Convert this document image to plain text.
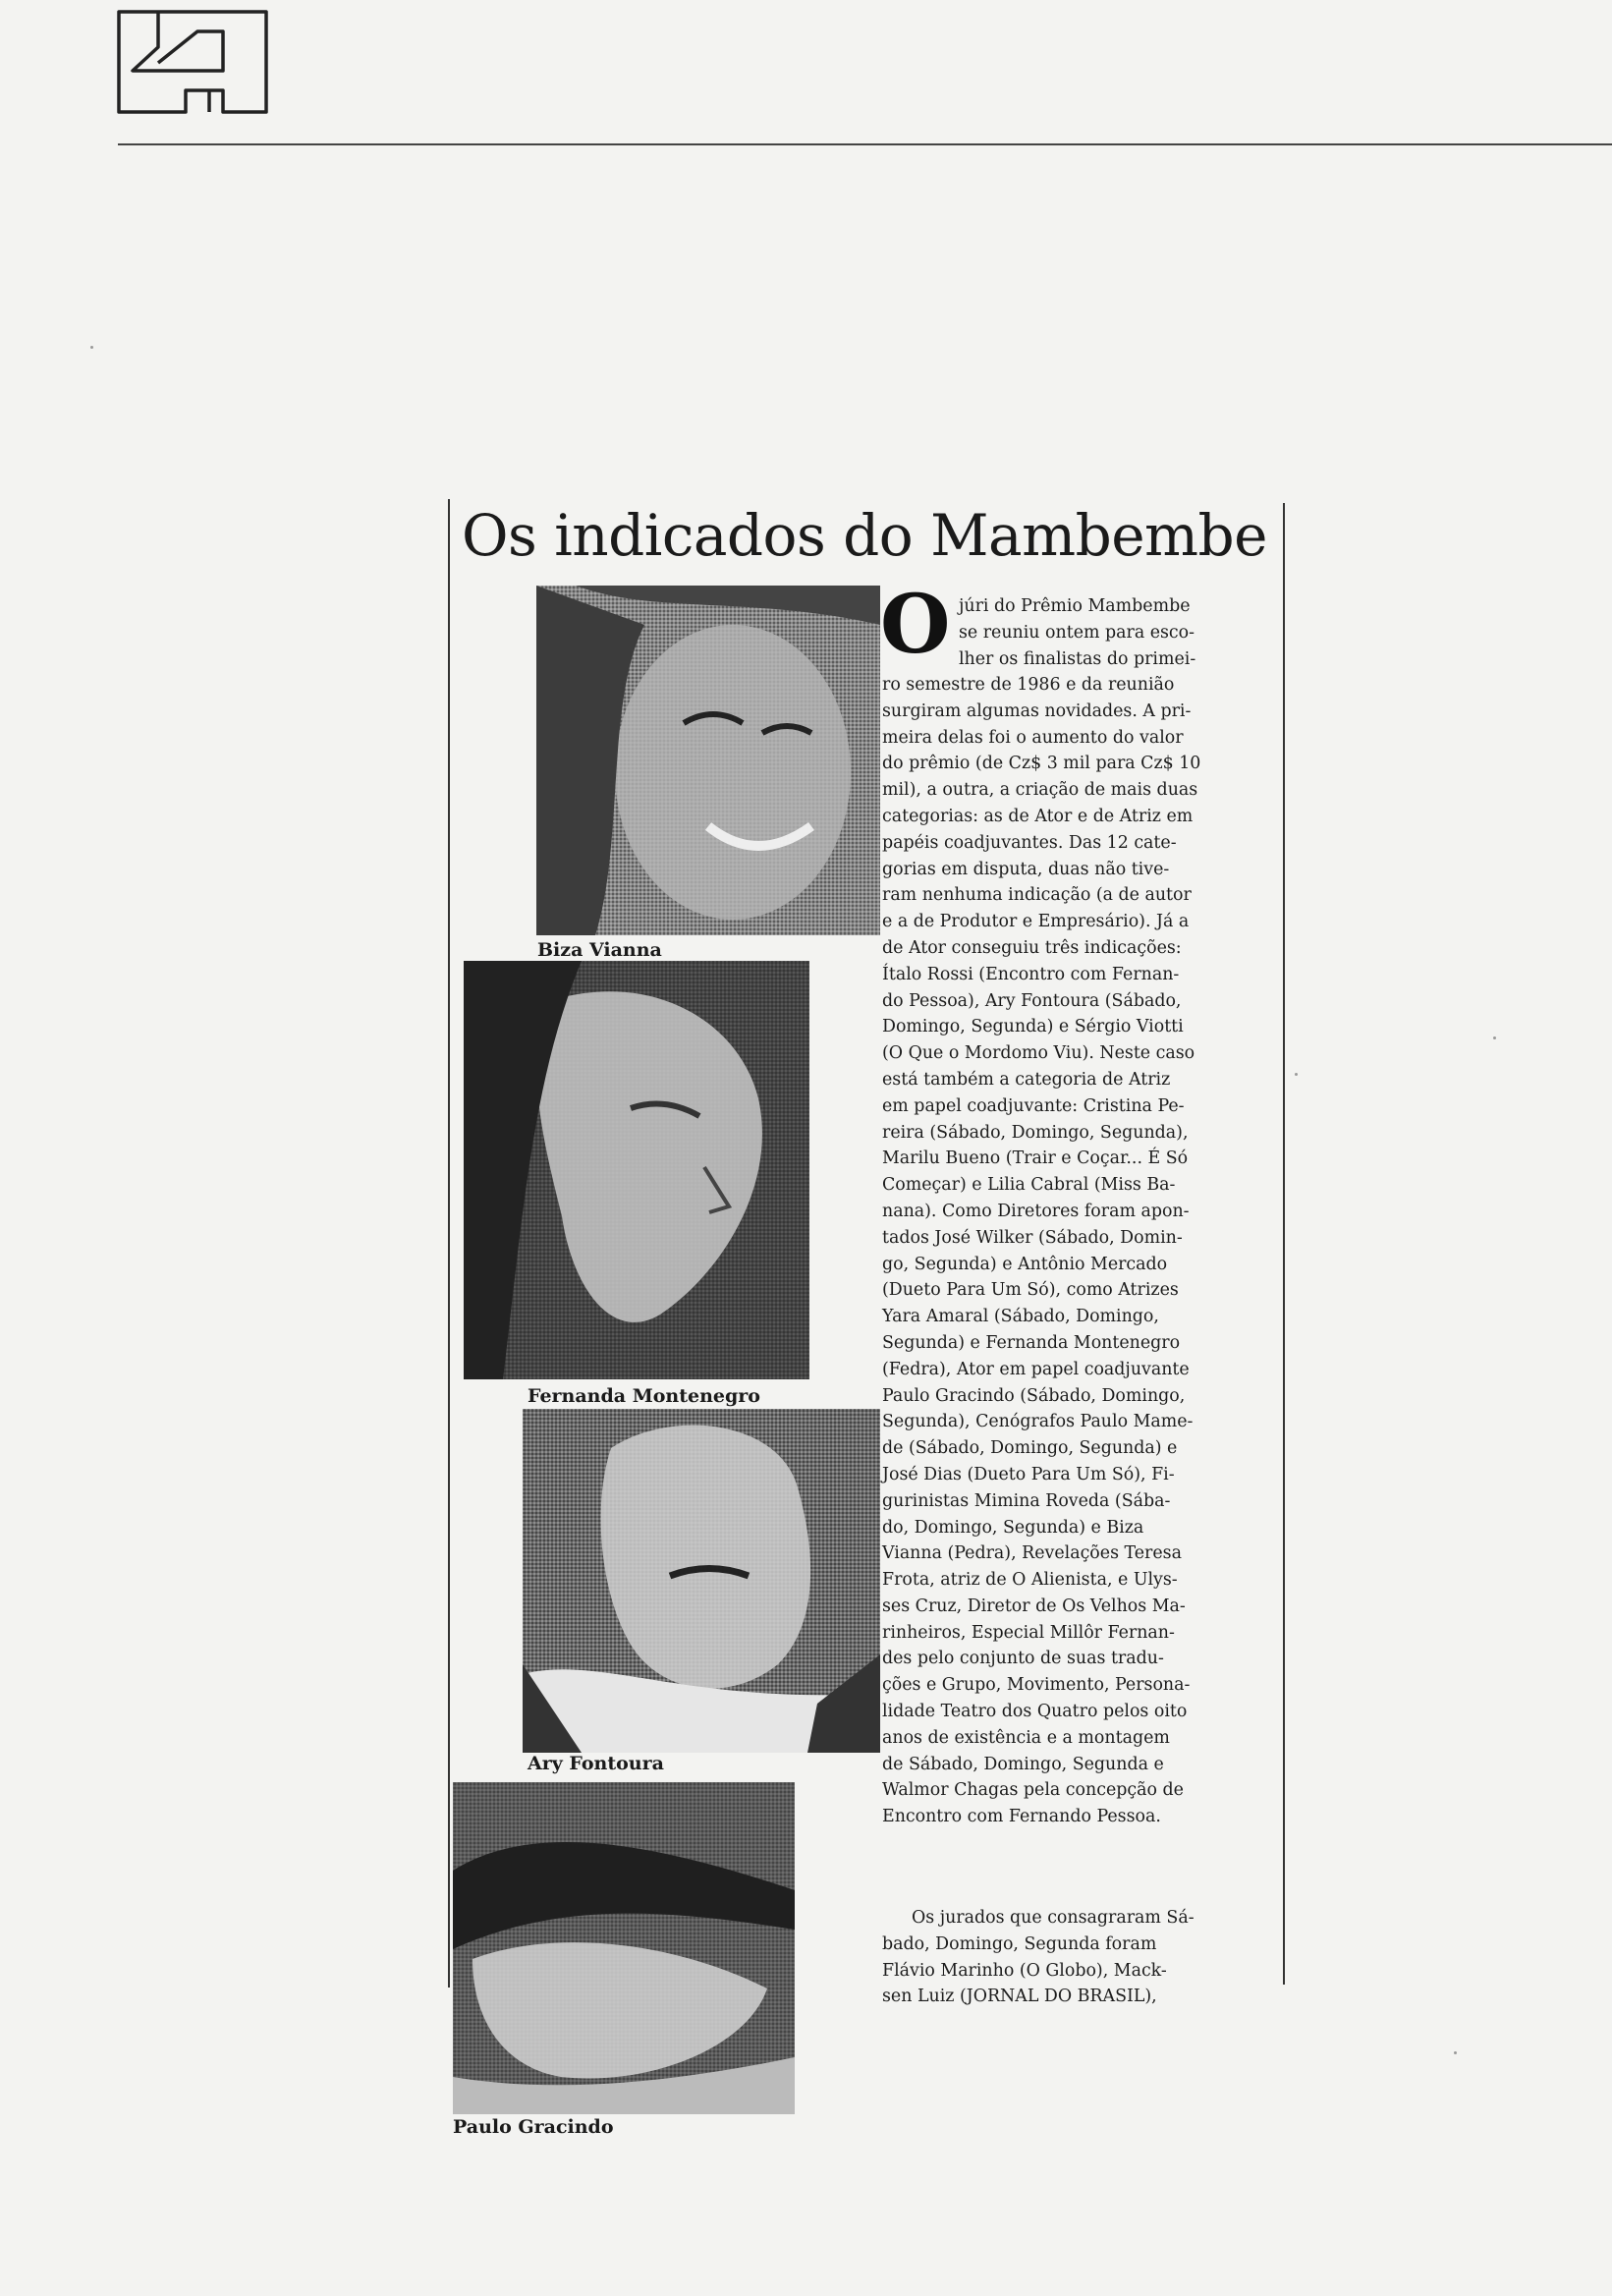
Os indicados do Mambembe
Biza Vianna
Fernanda Montenegro
Ary Fontoura
Paulo Gracindo
O júri do Prêmio Mambembe
se reuniu ontem para esco-
lher os finalistas do primei-
ro semestre de 1986 e da reunião
surgiram algumas novidades. A pri-
meira delas foi o aumento do valor
do prêmio (de Cz$ 3 mil para Cz$ 10
mil), a outra, a criação de mais duas
categorias: as de Ator e de Atriz em
papéis coadjuvantes. Das 12 cate-
gorias em disputa, duas não tive-
ram nenhuma indicação (a de autor
e a de Produtor e Empresário). Já a
de Ator conseguiu três indicações:
Ítalo Rossi (Encontro com Fernan-
do Pessoa), Ary Fontoura (Sábado,
Domingo, Segunda) e Sérgio Viotti
(O Que o Mordomo Viu). Neste caso
está também a categoria de Atriz
em papel coadjuvante: Cristina Pe-
reira (Sábado, Domingo, Segunda),
Marilu Bueno (Trair e Coçar... É Só
Começar) e Lilia Cabral (Miss Ba-
nana). Como Diretores foram apon-
tados José Wilker (Sábado, Domin-
go, Segunda) e Antônio Mercado
(Dueto Para Um Só), como Atrizes
Yara Amaral (Sábado, Domingo,
Segunda) e Fernanda Montenegro
(Fedra), Ator em papel coadjuvante
Paulo Gracindo (Sábado, Domingo,
Segunda), Cenógrafos Paulo Mame-
de (Sábado, Domingo, Segunda) e
José Dias (Dueto Para Um Só), Fi-
gurinistas Mimina Roveda (Sába-
do, Domingo, Segunda) e Biza
Vianna (Pedra), Revelações Teresa
Frota, atriz de O Alienista, e Ulys-
ses Cruz, Diretor de Os Velhos Ma-
rinheiros, Especial Millôr Fernan-
des pelo conjunto de suas tradu-
ções e Grupo, Movimento, Persona-
lidade Teatro dos Quatro pelos oito
anos de existência e a montagem
de Sábado, Domingo, Segunda e
Walmor Chagas pela concepção de
Encontro com Fernando Pessoa.
Os jurados que consagraram Sá-
bado, Domingo, Segunda foram
Flávio Marinho (O Globo), Mack-
sen Luiz (JORNAL DO BRASIL),
